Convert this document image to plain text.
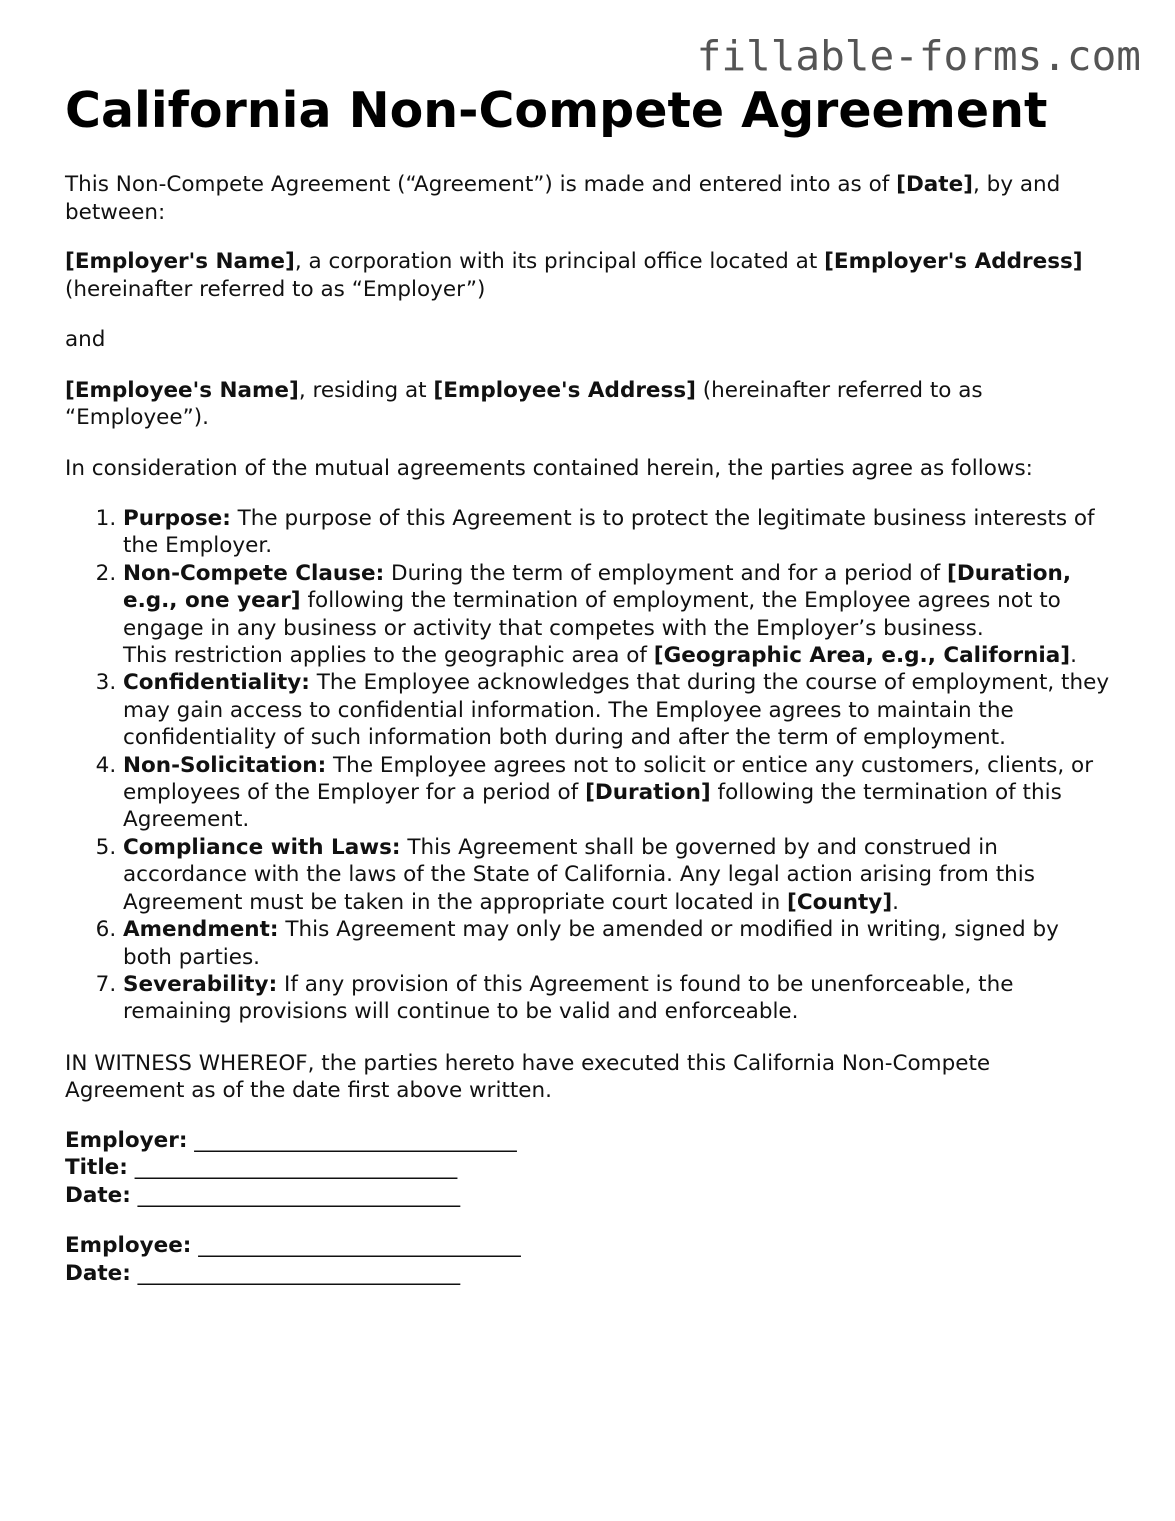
fillable-forms.com
California Non-Compete Agreement

This Non-Compete Agreement (“Agreement”) is made and entered into as of [Date], by and between:

[Employer's Name], a corporation with its principal office located at [Employer's Address] (hereinafter referred to as “Employer”)

and

[Employee's Name], residing at [Employee's Address] (hereinafter referred to as “Employee”).

In consideration of the mutual agreements contained herein, the parties agree as follows:

1. Purpose: The purpose of this Agreement is to protect the legitimate business interests of the Employer.
2. Non-Compete Clause: During the term of employment and for a period of [Duration, e.g., one year] following the termination of employment, the Employee agrees not to engage in any business or activity that competes with the Employer’s business.
This restriction applies to the geographic area of [Geographic Area, e.g., California].
3. Confidentiality: The Employee acknowledges that during the course of employment, they may gain access to confidential information. The Employee agrees to maintain the confidentiality of such information both during and after the term of employment.
4. Non-Solicitation: The Employee agrees not to solicit or entice any customers, clients, or employees of the Employer for a period of [Duration] following the termination of this Agreement.
5. Compliance with Laws: This Agreement shall be governed by and construed in accordance with the laws of the State of California. Any legal action arising from this Agreement must be taken in the appropriate court located in [County].
6. Amendment: This Agreement may only be amended or modified in writing, signed by both parties.
7. Severability: If any provision of this Agreement is found to be unenforceable, the remaining provisions will continue to be valid and enforceable.

IN WITNESS WHEREOF, the parties hereto have executed this California Non-Compete Agreement as of the date first above written.

Employer: ______________________________
Title: ______________________________
Date: ______________________________
Employee: ______________________________
Date: ______________________________
